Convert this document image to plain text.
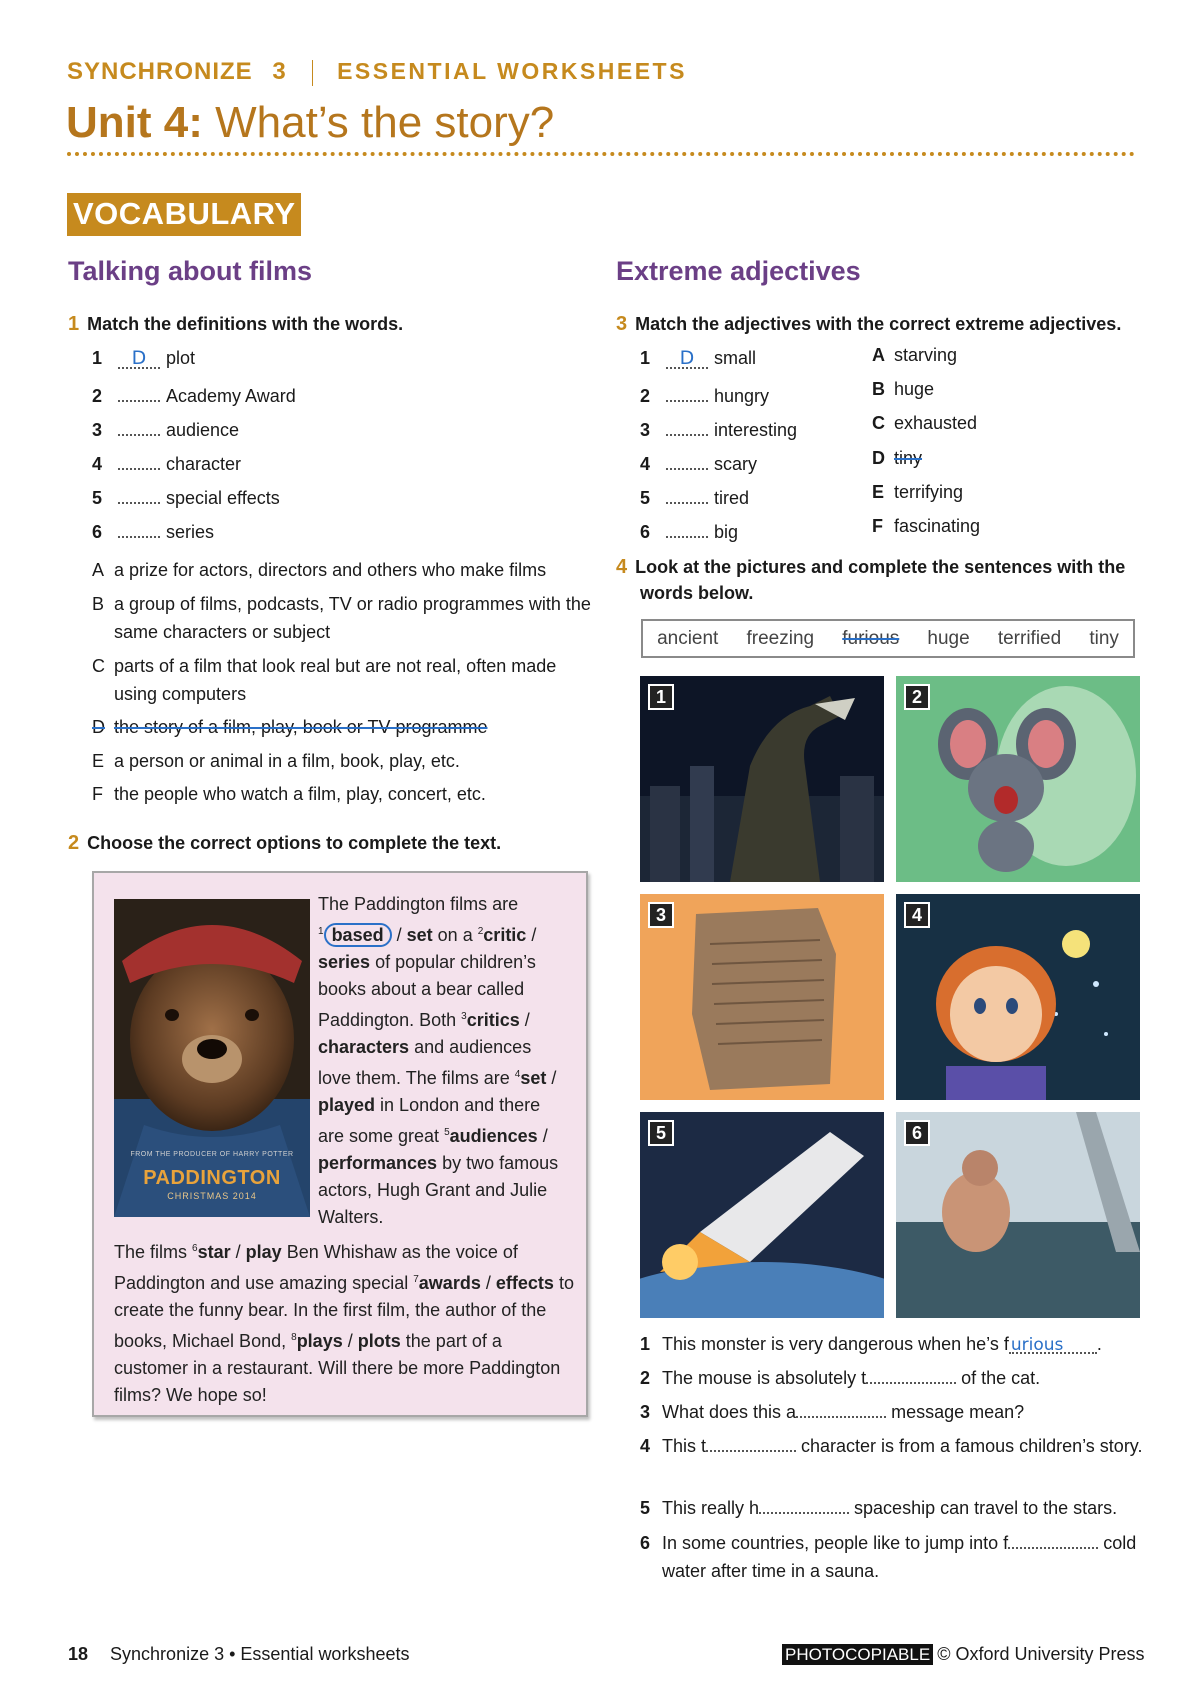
SYNCHRONIZE 3 ESSENTIAL WORKSHEETS
Unit 4: What’s the story?
VOCABULARY
Talking about films
1 Match the definitions with the words.
1	D	plot
2	Academy Award
3	audience
4	character
5	special effects
6	series
A a prize for actors, directors and others who make films
B a group of films, podcasts, TV or radio programmes with the same characters or subject
C parts of a film that look real but are not real, often made using computers
D the story of a film, play, book or TV programme
E a person or animal in a film, book, play, etc.
F the people who watch a film, play, concert, etc.
2 Choose the correct options to complete the text.
FROM THE PRODUCER OF HARRY POTTER
PADDINGTON
CHRISTMAS 2014
The Paddington films are $^1$ based / set on a $^2$critic / series of popular children’s books about a bear called Paddington. Both $^3$critics / characters and audiences love them. The films are $^4$set / played in London and there are some great $^5$audiences / performances by two famous actors, Hugh Grant and Julie Walters.
The films $^6$star / play Ben Whishaw as the voice of Paddington and use amazing special $^7$awards / effects to create the funny bear. In the first film, the author of the books, Michael Bond, $^8$plays / plots the part of a customer in a restaurant. Will there be more Paddington films? We hope so!
Extreme adjectives
3 Match the adjectives with the correct extreme adjectives.
1	D	small
2	hungry
3	interesting
4	scary
5	tired
6	big
A starving
B huge
C exhausted
D tiny
E terrifying
F fascinating
4 Look at the pictures and complete the sentences with the
words below.
ancient freezing furious huge terrified tiny
1	2
3	4
5	6
1 This monster is very dangerous when he’s f urious .
2 The mouse is absolutely t	of the cat.
3 What does this a	message mean?
4 This t	character is from a famous children’s story.
5 This really h	spaceship can travel to the stars.
6 In some countries, people like to jump into f	cold water after time in a sauna.
18 Synchronize 3 • Essential worksheets	PHOTOCOPIABLE © Oxford University Press
